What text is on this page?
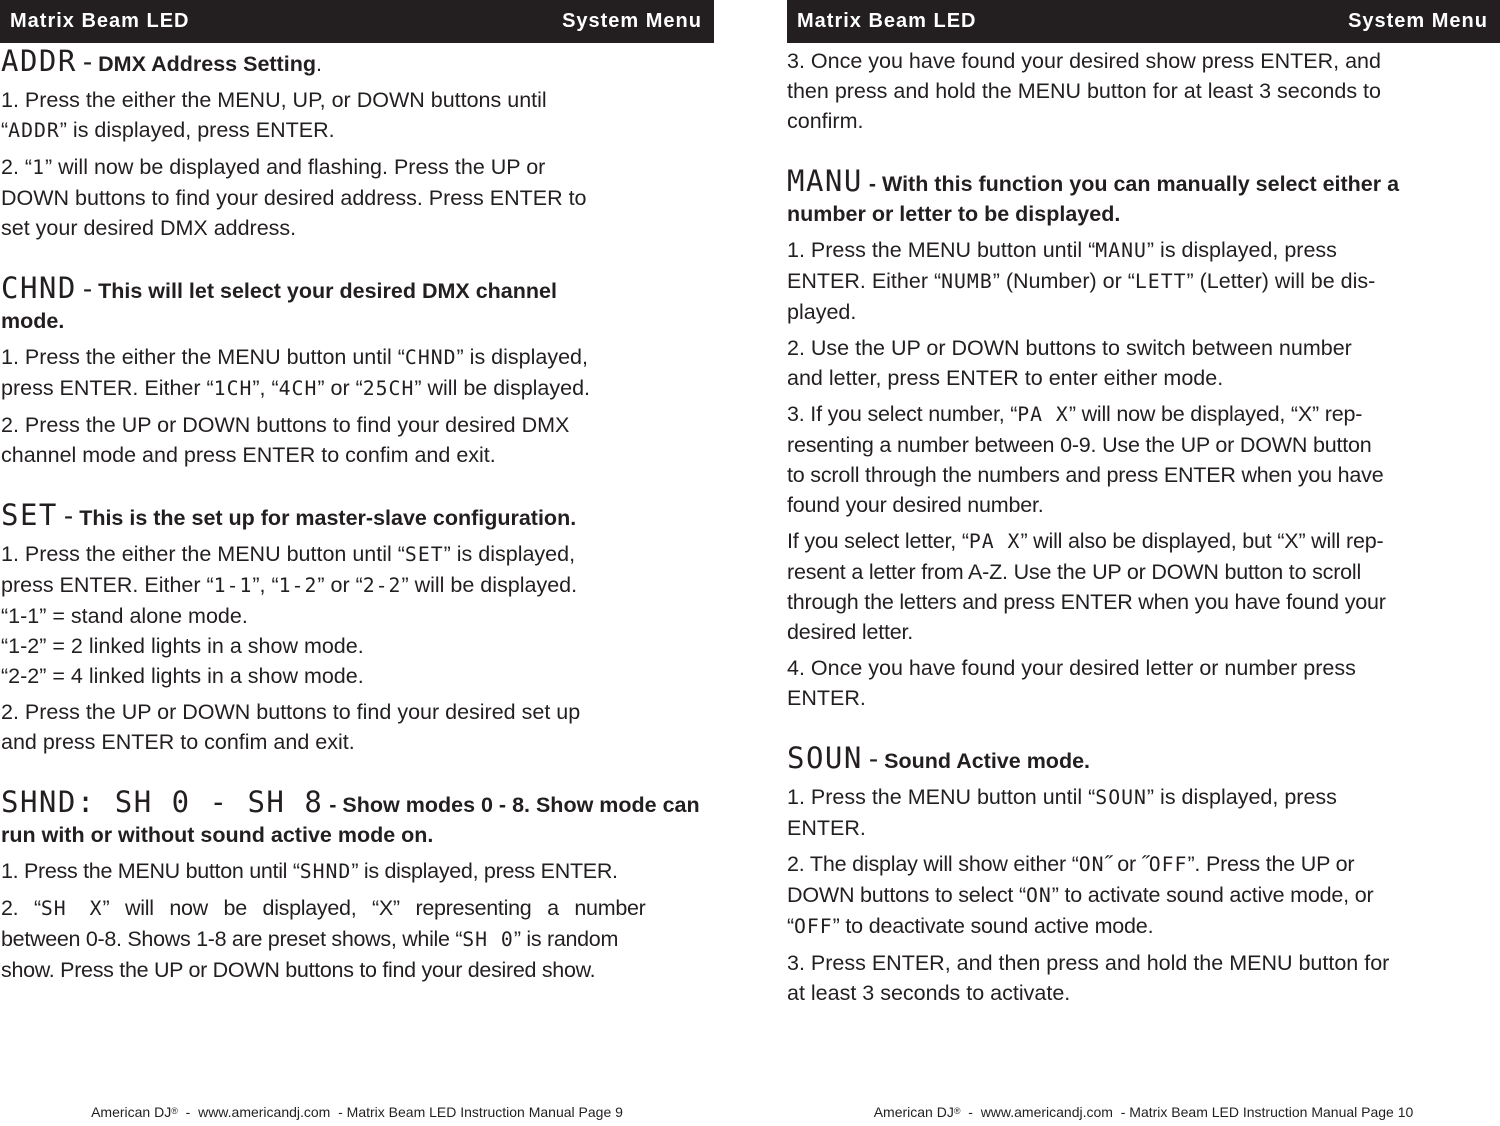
Matrix Beam LED	System Menu
ADDR - DMX Address Setting.

1. Press the either the MENU, UP, or DOWN buttons until
“ADDR” is displayed, press ENTER.

2. “1” will now be displayed and flashing. Press the UP or
DOWN buttons to find your desired address. Press ENTER to
set your desired DMX address.

CHND - This will let select your desired DMX channel
mode.

1. Press the either the MENU button until “CHND” is displayed,
press ENTER. Either “1CH”, “4CH” or “25CH” will be displayed.

2. Press the UP or DOWN buttons to find your desired DMX
channel mode and press ENTER to confim and exit.

SET - This is the set up for master-slave configuration.

1. Press the either the MENU button until “SET” is displayed,
press ENTER. Either “1-1”, “1-2” or “2-2” will be displayed.
“1-1” = stand alone mode.
“1-2” = 2 linked lights in a show mode.
“2-2” = 4 linked lights in a show mode.

2. Press the UP or DOWN buttons to find your desired set up
and press ENTER to confim and exit.

SHND: SH 0 - SH 8 - Show modes 0 - 8. Show mode can
run with or without sound active mode on.

1. Press the MENU button until “SHND” is displayed, press ENTER.

2. “SH X” will now be displayed, “X” representing a number
between 0-8. Shows 1-8 are preset shows, while “SH 0” is random
show. Press the UP or DOWN buttons to find your desired show.

American DJ®  -  www.americandj.com  - Matrix Beam LED Instruction Manual Page 9
Matrix Beam LED	System Menu

3. Once you have found your desired show press ENTER, and
then press and hold the MENU button for at least 3 seconds to
confirm.

MANU - With this function you can manually select either a
number or letter to be displayed.

1. Press the MENU button until “MANU” is displayed, press
ENTER. Either “NUMB” (Number) or “LETT” (Letter) will be dis-
played.

2. Use the UP or DOWN buttons to switch between number
and letter, press ENTER to enter either mode.

3. If you select number, “PA X” will now be displayed, “X” rep-
resenting a number between 0-9. Use the UP or DOWN button
to scroll through the numbers and press ENTER when you have
found your desired number.

If you select letter, “PA X” will also be displayed, but “X” will rep-
resent a letter from A-Z. Use the UP or DOWN button to scroll
through the letters and press ENTER when you have found your
desired letter.

4. Once you have found your desired letter or number press
ENTER.

SOUN - Sound Active mode.

1. Press the MENU button until “SOUN” is displayed, press
ENTER.

2. The display will show either “ON˝ or ˝OFF”. Press the UP or
DOWN buttons to select “ON” to activate sound active mode, or
“OFF” to deactivate sound active mode.

3. Press ENTER, and then press and hold the MENU button for
at least 3 seconds to activate.

American DJ®  -  www.americandj.com  - Matrix Beam LED Instruction Manual Page 10
